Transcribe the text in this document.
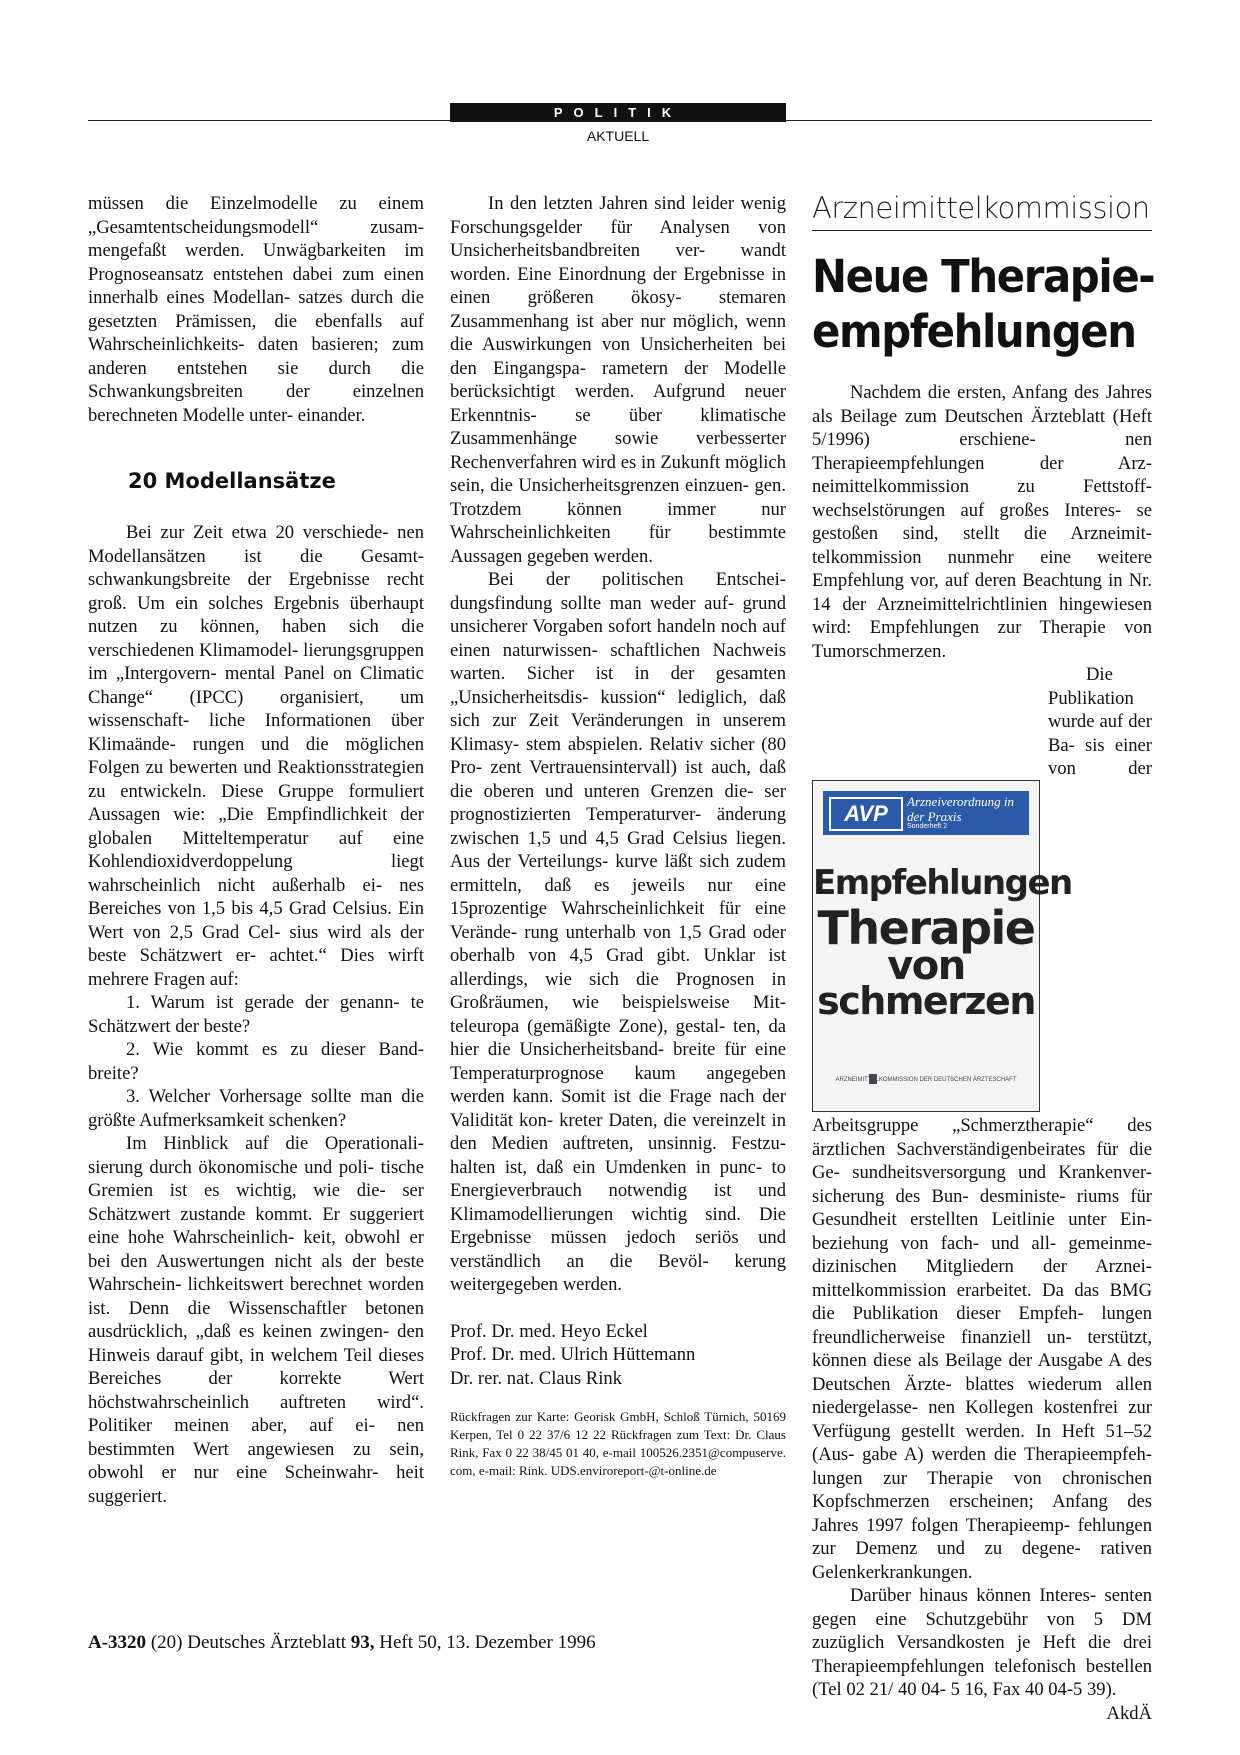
POLITIK
AKTUELL

müssen die Einzelmodelle zu einem „Gesamtentscheidungsmodell“ zusam- mengefaßt werden. Unwägbarkeiten im Prognoseansatz entstehen dabei zum einen innerhalb eines Modellan- satzes durch die gesetzten Prämissen, die ebenfalls auf Wahrscheinlichkeits- daten basieren; zum anderen entstehen sie durch die Schwankungsbreiten der einzelnen berechneten Modelle unter- einander.

20 Modellansätze

Bei zur Zeit etwa 20 verschiede- nen Modellansätzen ist die Gesamt- schwankungsbreite der Ergebnisse recht groß. Um ein solches Ergebnis überhaupt nutzen zu können, haben sich die verschiedenen Klimamodel- lierungsgruppen im „Intergovern- mental Panel on Climatic Change“ (IPCC) organisiert, um wissenschaft- liche Informationen über Klimaände- rungen und die möglichen Folgen zu bewerten und Reaktionsstrategien zu entwickeln. Diese Gruppe formuliert Aussagen wie: „Die Empfindlichkeit der globalen Mitteltemperatur auf eine Kohlendioxidverdoppelung liegt wahrscheinlich nicht außerhalb ei- nes Bereiches von 1,5 bis 4,5 Grad Celsius. Ein Wert von 2,5 Grad Cel- sius wird als der beste Schätzwert er- achtet.“ Dies wirft mehrere Fragen auf:

1. Warum ist gerade der genann- te Schätzwert der beste?

2. Wie kommt es zu dieser Band- breite?

3. Welcher Vorhersage sollte man die größte Aufmerksamkeit schenken?

Im Hinblick auf die Operationali- sierung durch ökonomische und poli- tische Gremien ist es wichtig, wie die- ser Schätzwert zustande kommt. Er suggeriert eine hohe Wahrscheinlich- keit, obwohl er bei den Auswertungen nicht als der beste Wahrschein- lichkeitswert berechnet worden ist. Denn die Wissenschaftler betonen ausdrücklich, „daß es keinen zwingen- den Hinweis darauf gibt, in welchem Teil dieses Bereiches der korrekte Wert höchstwahrscheinlich auftreten wird“. Politiker meinen aber, auf ei- nen bestimmten Wert angewiesen zu sein, obwohl er nur eine Scheinwahr- heit suggeriert.

In den letzten Jahren sind leider wenig Forschungsgelder für Analysen von Unsicherheitsbandbreiten ver- wandt worden. Eine Einordnung der Ergebnisse in einen größeren ökosy- stemaren Zusammenhang ist aber nur möglich, wenn die Auswirkungen von Unsicherheiten bei den Eingangspa- rametern der Modelle berücksichtigt werden. Aufgrund neuer Erkenntnis- se über klimatische Zusammenhänge sowie verbesserter Rechenverfahren wird es in Zukunft möglich sein, die Unsicherheitsgrenzen einzuen- gen. Trotzdem können immer nur Wahrscheinlichkeiten für bestimmte Aussagen gegeben werden.

Bei der politischen Entschei- dungsfindung sollte man weder auf- grund unsicherer Vorgaben sofort handeln noch auf einen naturwissen- schaftlichen Nachweis warten. Sicher ist in der gesamten „Unsicherheitsdis- kussion“ lediglich, daß sich zur Zeit Veränderungen in unserem Klimasy- stem abspielen. Relativ sicher (80 Pro- zent Vertrauensintervall) ist auch, daß die oberen und unteren Grenzen die- ser prognostizierten Temperaturver- änderung zwischen 1,5 und 4,5 Grad Celsius liegen. Aus der Verteilungs- kurve läßt sich zudem ermitteln, daß es jeweils nur eine 15prozentige Wahrscheinlichkeit für eine Verände- rung unterhalb von 1,5 Grad oder oberhalb von 4,5 Grad gibt. Unklar ist allerdings, wie sich die Prognosen in Großräumen, wie beispielsweise Mit- teleuropa (gemäßigte Zone), gestal- ten, da hier die Unsicherheitsband- breite für eine Temperaturprognose kaum angegeben werden kann. Somit ist die Frage nach der Validität kon- kreter Daten, die vereinzelt in den Medien auftreten, unsinnig. Festzu- halten ist, daß ein Umdenken in punc- to Energieverbrauch notwendig ist und Klimamodellierungen wichtig sind. Die Ergebnisse müssen jedoch seriös und verständlich an die Bevöl- kerung weitergegeben werden.

Prof. Dr. med. Heyo Eckel
Prof. Dr. med. Ulrich Hüttemann
Dr. rer. nat. Claus Rink
Rückfragen zur Karte: Georisk GmbH, Schloß Türnich, 50169 Kerpen, Tel 0 22 37/6 12 22 Rückfragen zum Text: Dr. Claus Rink, Fax 0 22 38/45 01 40, e-mail 100526.2351@compuserve. com, e-mail: Rink. UDS.enviroreport-@t-online.de
Arzneimittelkommission
Neue Therapie-
empfehlungen

Nachdem die ersten, Anfang des Jahres als Beilage zum Deutschen Ärzteblatt (Heft 5/1996) erschiene- nen Therapieempfehlungen der Arz- neimittelkommission zu Fettstoff- wechselstörungen auf großes Interes- se gestoßen sind, stellt die Arzneimit- telkommission nunmehr eine weitere Empfehlung vor, auf deren Beachtung in Nr. 14 der Arzneimittelrichtlinien hingewiesen wird: Empfehlungen zur Therapie von Tumorschmerzen.

Die Publikation wurde auf der Ba- sis einer von der Arbeitsgruppe „Schmerztherapie“ des ärztlichen Sachverständigenbeirates für die Ge- sundheitsversorgung und Krankenver- sicherung des Bun- desministe- riums für Gesundheit erstellten Leitlinie unter Ein- beziehung von fach- und all- gemeinme- dizinischen Mitgliedern der Arznei- mittelkommission erarbeitet. Da das BMG die Publikation dieser Empfeh- lungen freundlicherweise finanziell un- terstützt, können diese als Beilage der Ausgabe A des Deutschen Ärzte- blattes wiederum allen niedergelasse- nen Kollegen kostenfrei zur Verfügung gestellt werden. In Heft 51–52 (Aus- gabe A) werden die Therapieempfeh- lungen zur Therapie von chronischen Kopfschmerzen erscheinen; Anfang des Jahres 1997 folgen Therapieemp- fehlungen zur Demenz und zu degene- rativen Gelenkerkrankungen.

Darüber hinaus können Interes- senten gegen eine Schutzgebühr von 5 DM zuzüglich Versandkosten je Heft die drei Therapieempfehlungen telefonisch bestellen (Tel 02 21/ 40 04- 5 16, Fax 40 04-5 39).
AkdÄ

AVP	Arzneiverordnung in der Praxis
Sonderheft 2
Empfehlungen
Therapie
von
schmerzen
ARZNEIMITTELKOMMISSION DER DEUTSCHEN ÄRZTESCHAFT
A-3320 (20) Deutsches Ärzteblatt 93, Heft 50, 13. Dezember 1996
